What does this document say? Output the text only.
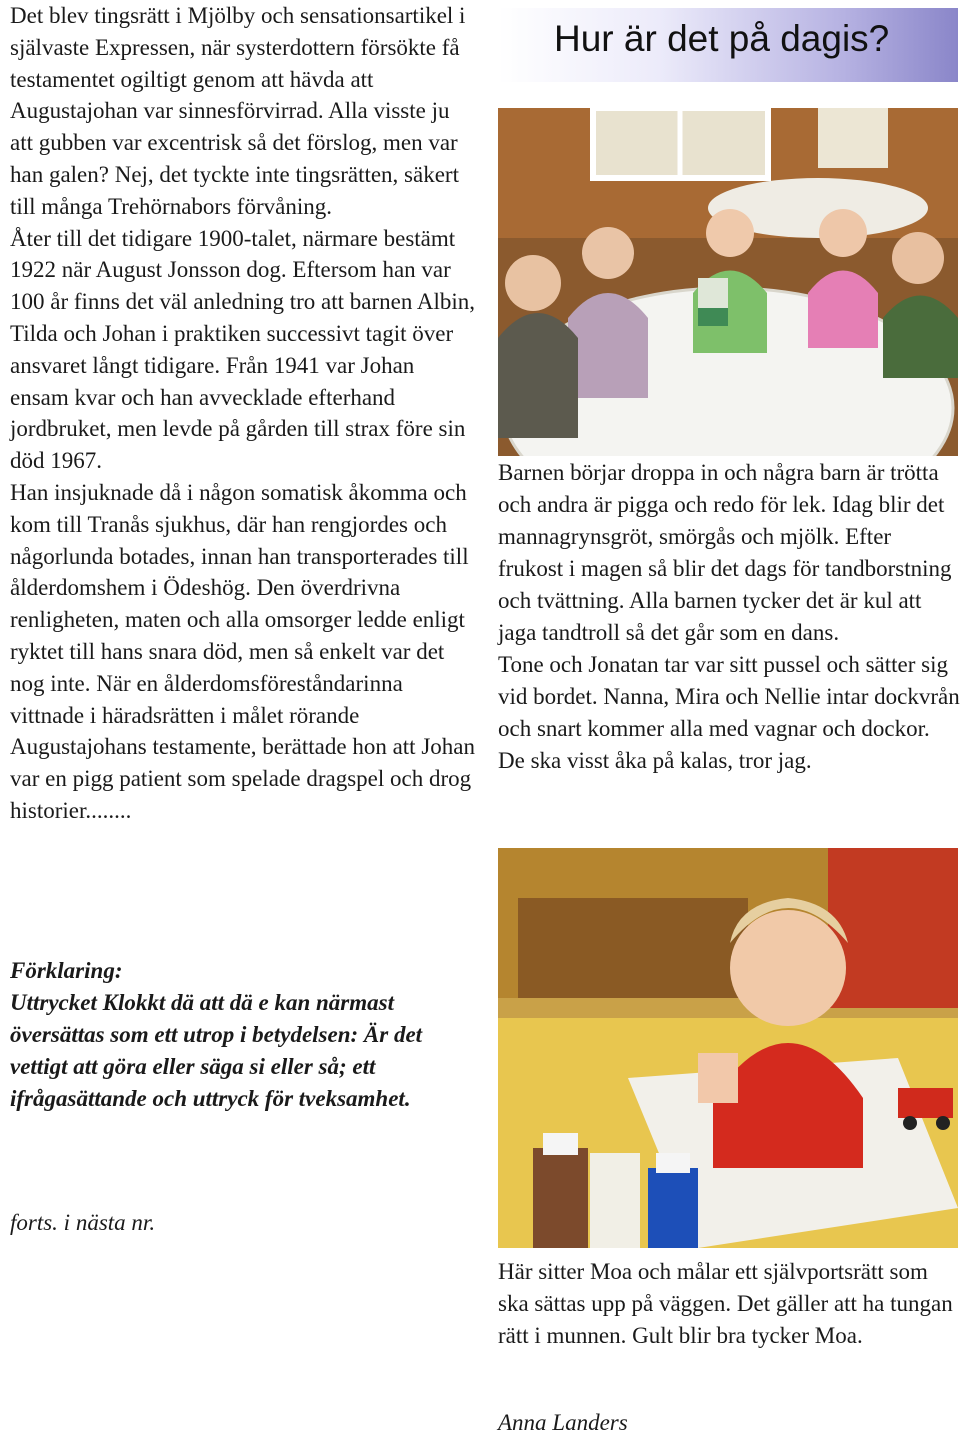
Det blev tingsrätt i Mjölby och sensationsartikel i självaste Expressen, när systerdottern försökte få testamentet ogiltigt genom att hävda att Augustajohan var sinnesförvirrad. Alla visste ju att gubben var excentrisk så det förslog, men var han galen? Nej, det tyckte inte tingsrätten, säkert till många Trehörnabors förvåning.

Åter till det tidigare 1900-talet, närmare bestämt 1922 när August Jonsson dog. Eftersom han var 100 år finns det väl anledning tro att barnen Albin, Tilda och Johan i praktiken successivt tagit över ansvaret långt tidigare. Från 1941 var Johan ensam kvar och han avvecklade efterhand jordbruket, men levde på gården till strax före sin död 1967.

Han insjuknade då i någon somatisk åkomma och kom till Tranås sjukhus, där han rengjordes och någorlunda botades, innan han transporterades till ålderdomshem i Ödeshög. Den överdrivna renligheten, maten och alla omsorger ledde enligt ryktet till hans snara död, men så enkelt var det nog inte. När en ålderdomsföreståndarinna vittnade i häradsrätten i målet rörande Augustajohans testamente, berättade hon att Johan var en pigg patient som spelade dragspel och drog historier........

Förklaring:

Uttrycket Klokkt dä att dä e kan närmast översättas som ett utrop i betydelsen: Är det vettigt att göra eller säga si eller så; ett ifrågasättande och uttryck för tveksamhet.

forts. i nästa nr.
Hur är det på dagis?

Barnen börjar droppa in och några barn är trötta och andra är pigga och redo för lek. Idag blir det mannagrynsgröt, smörgås och mjölk. Efter frukost i magen så blir det dags för tandborstning och tvättning. Alla barnen tycker det är kul att jaga tandtroll så det går som en dans.

Tone och Jonatan tar var sitt pussel och sätter sig vid bordet. Nanna, Mira och Nellie intar dockvrån och snart kommer alla med vagnar och dockor. De ska visst åka på kalas, tror jag.

Här sitter Moa och målar ett självportsrätt som ska sättas upp på väggen. Det gäller att ha tungan rätt i munnen. Gult blir bra tycker Moa.
Anna Landers
